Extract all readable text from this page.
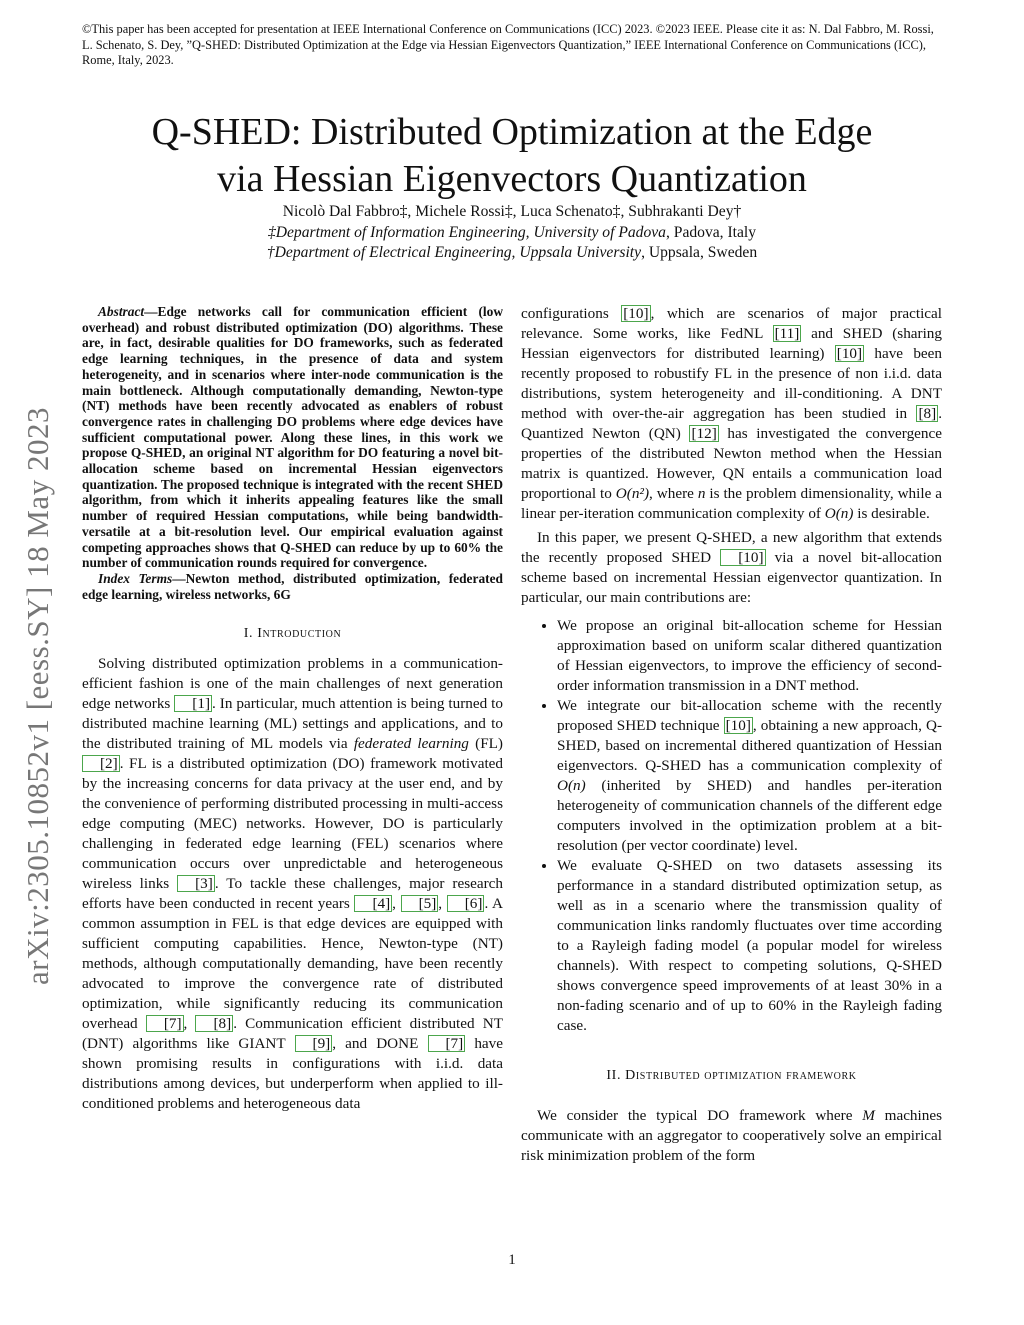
©This paper has been accepted for presentation at IEEE International Conference on Communications (ICC) 2023. ©2023 IEEE. Please cite it as: N. Dal Fabbro, M. Rossi, L. Schenato, S. Dey, ”Q-SHED: Distributed Optimization at the Edge via Hessian Eigenvectors Quantization,” IEEE International Conference on Communications (ICC), Rome, Italy, 2023.
Q-SHED: Distributed Optimization at the Edge
via Hessian Eigenvectors Quantization
Nicolò Dal Fabbro‡, Michele Rossi‡, Luca Schenato‡, Subhrakanti Dey†
‡Department of Information Engineering, University of Padova, Padova, Italy
†Department of Electrical Engineering, Uppsala University, Uppsala, Sweden
arXiv:2305.10852v1 [eess.SY] 18 May 2023

Abstract—Edge networks call for communication efficient (low overhead) and robust distributed optimization (DO) algorithms. These are, in fact, desirable qualities for DO frameworks, such as federated edge learning techniques, in the presence of data and system heterogeneity, and in scenarios where inter-node communication is the main bottleneck. Although computationally demanding, Newton-type (NT) methods have been recently advocated as enablers of robust convergence rates in challenging DO problems where edge devices have sufficient computational power. Along these lines, in this work we propose Q-SHED, an original NT algorithm for DO featuring a novel bit-allocation scheme based on incremental Hessian eigenvectors quantization. The proposed technique is integrated with the recent SHED algorithm, from which it inherits appealing features like the small number of required Hessian computations, while being bandwidth-versatile at a bit-resolution level. Our empirical evaluation against competing approaches shows that Q-SHED can reduce by up to 60% the number of communication rounds required for convergence.

Index Terms—Newton method, distributed optimization, federated edge learning, wireless networks, 6G

I. Introduction

Solving distributed optimization problems in a communication-efficient fashion is one of the main challenges of next generation edge networks [1] . In particular, much attention is being turned to distributed machine learning (ML) settings and applications, and to the distributed training of ML models via federated learning (FL) [2] . FL is a distributed optimization (DO) framework motivated by the increasing concerns for data privacy at the user end, and by the convenience of performing distributed processing in multi-access edge computing (MEC) networks. However, DO is particularly challenging in federated edge learning (FEL) scenarios where communication occurs over unpredictable and heterogeneous wireless links [3] . To tackle these challenges, major research efforts have been conducted in recent years [4] , [5] , [6] . A common assumption in FEL is that edge devices are equipped with sufficient computing capabilities. Hence, Newton-type (NT) methods, although computationally demanding, have been recently advocated to improve the convergence rate of distributed optimization, while significantly reducing its communication overhead [7] , [8] . Communication efficient distributed NT (DNT) algorithms like GIANT [9] , and DONE [7] have shown promising results in configurations with i.i.d. data distributions among devices, but underperform when applied to ill-conditioned problems and heterogeneous data

configurations [10] , which are scenarios of major practical relevance. Some works, like FedNL [11] and SHED (sharing Hessian eigenvectors for distributed learning) [10] have been recently proposed to robustify FL in the presence of non i.i.d. data distributions, system heterogeneity and ill-conditioning. A DNT method with over-the-air aggregation has been studied in [8] . Quantized Newton (QN) [12] has investigated the convergence properties of the distributed Newton method when the Hessian matrix is quantized. However, QN entails a communication load proportional to O(n²), where n is the problem dimensionality, while a linear per-iteration communication complexity of O(n) is desirable.

In this paper, we present Q-SHED, a new algorithm that extends the recently proposed SHED [10] via a novel bit-allocation scheme based on incremental Hessian eigenvector quantization. In particular, our main contributions are:

• We propose an original bit-allocation scheme for Hessian approximation based on uniform scalar dithered quantization of Hessian eigenvectors, to improve the efficiency of second-order information transmission in a DNT method.
• We integrate our bit-allocation scheme with the recently proposed SHED technique [10] , obtaining a new approach, Q-SHED, based on incremental dithered quantization of Hessian eigenvectors. Q-SHED has a communication complexity of O(n) (inherited by SHED) and handles per-iteration heterogeneity of communication channels of the different edge computers involved in the optimization problem at a bit-resolution (per vector coordinate) level.
• We evaluate Q-SHED on two datasets assessing its performance in a standard distributed optimization setup, as well as in a scenario where the transmission quality of communication links randomly fluctuates over time according to a Rayleigh fading model (a popular model for wireless channels). With respect to competing solutions, Q-SHED shows convergence speed improvements of at least 30% in a non-fading scenario and of up to 60% in the Rayleigh fading case.
II. Distributed optimization framework

We consider the typical DO framework where M machines communicate with an aggregator to cooperatively solve an empirical risk minimization problem of the form

1
